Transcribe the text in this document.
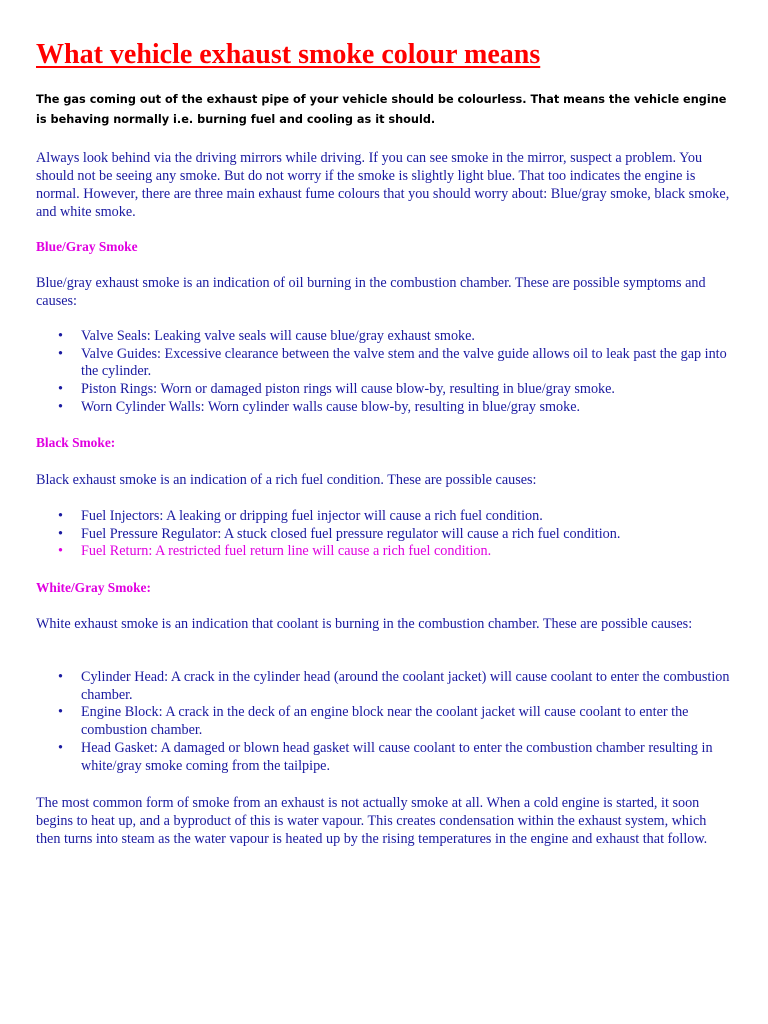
What vehicle exhaust smoke colour means

The gas coming out of the exhaust pipe of your vehicle should be colourless. That means the vehicle engine is behaving normally i.e. burning fuel and cooling as it should.

Always look behind via the driving mirrors while driving. If you can see smoke in the mirror, suspect a problem. You should not be seeing any smoke. But do not worry if the smoke is slightly light blue. That too indicates the engine is normal. However, there are three main exhaust fume colours that you should worry about: Blue/gray smoke, black smoke, and white smoke.

Blue/Gray Smoke

Blue/gray exhaust smoke is an indication of oil burning in the combustion chamber. These are possible symptoms and causes:

• Valve Seals: Leaking valve seals will cause blue/gray exhaust smoke.
• Valve Guides: Excessive clearance between the valve stem and the valve guide allows oil to leak past the gap into the cylinder.
• Piston Rings: Worn or damaged piston rings will cause blow-by, resulting in blue/gray smoke.
• Worn Cylinder Walls: Worn cylinder walls cause blow-by, resulting in blue/gray smoke.
Black Smoke:

Black exhaust smoke is an indication of a rich fuel condition. These are possible causes:

• Fuel Injectors: A leaking or dripping fuel injector will cause a rich fuel condition.
• Fuel Pressure Regulator: A stuck closed fuel pressure regulator will cause a rich fuel condition.
• Fuel Return: A restricted fuel return line will cause a rich fuel condition.
White/Gray Smoke:

White exhaust smoke is an indication that coolant is burning in the combustion chamber. These are possible causes:

• Cylinder Head: A crack in the cylinder head (around the coolant jacket) will cause coolant to enter the combustion chamber.
• Engine Block: A crack in the deck of an engine block near the coolant jacket will cause coolant to enter the combustion chamber.
• Head Gasket: A damaged or blown head gasket will cause coolant to enter the combustion chamber resulting in white/gray smoke coming from the tailpipe.

The most common form of smoke from an exhaust is not actually smoke at all. When a cold engine is started, it soon begins to heat up, and a byproduct of this is water vapour. This creates condensation within the exhaust system, which then turns into steam as the water vapour is heated up by the rising temperatures in the engine and exhaust that follow.
